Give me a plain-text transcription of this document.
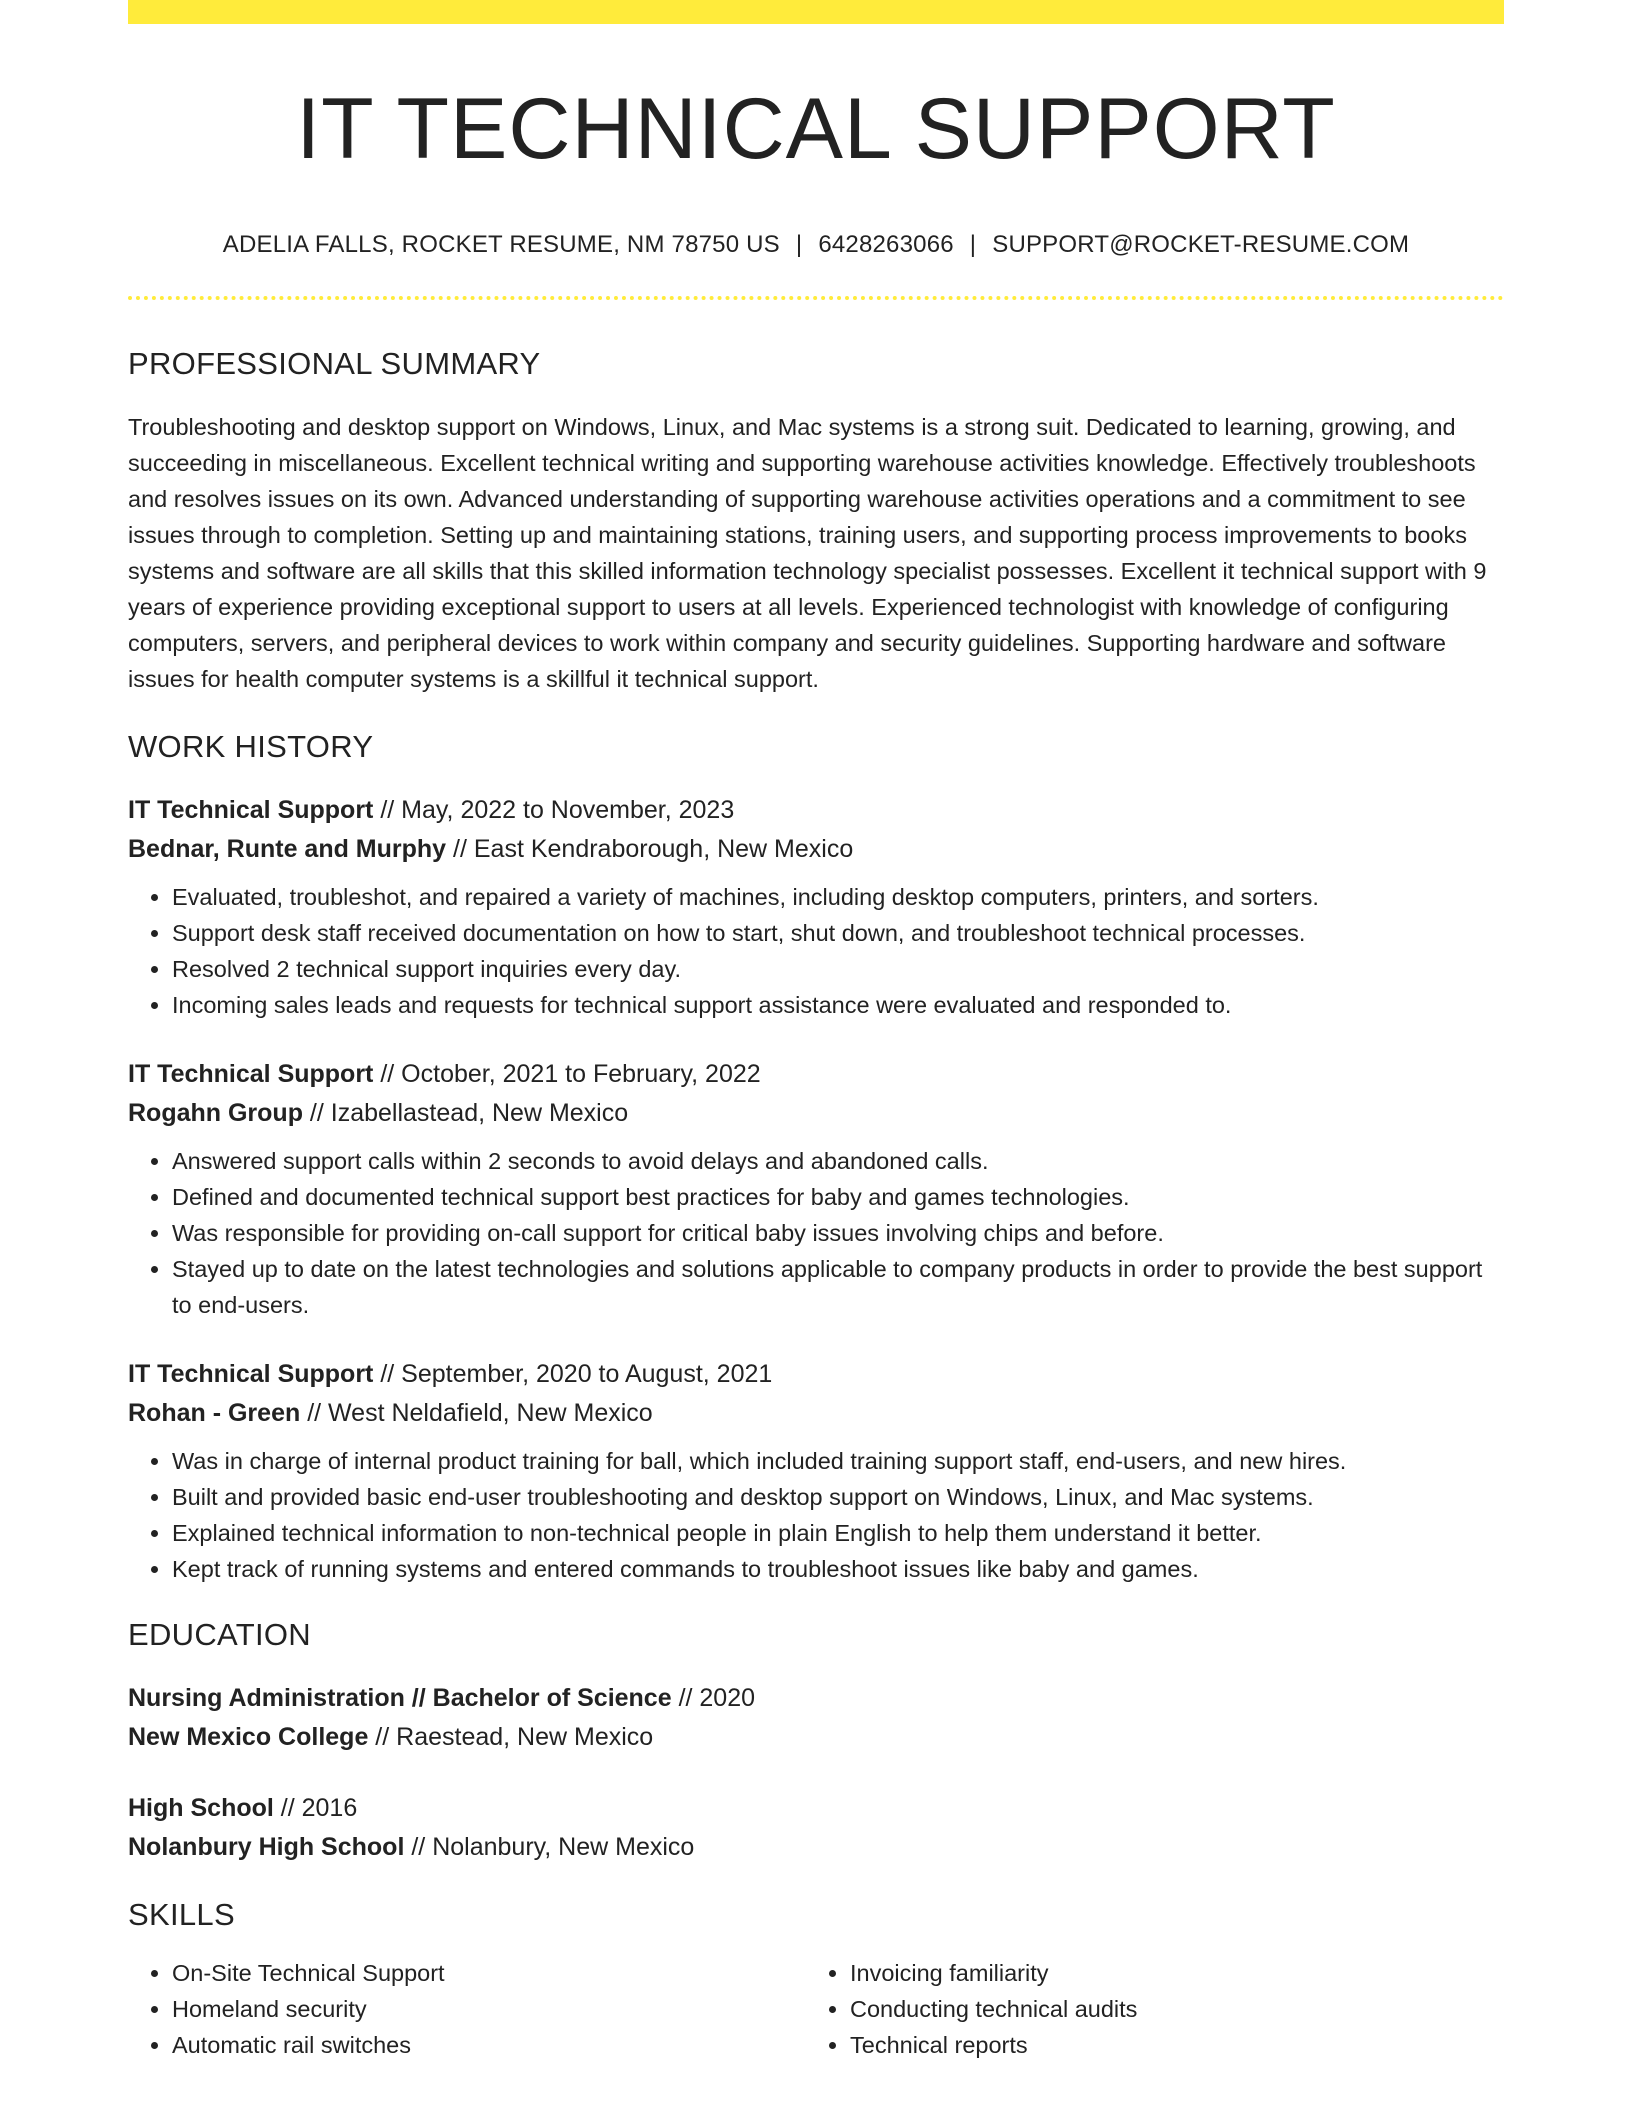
IT TECHNICAL SUPPORT
ADELIA FALLS, ROCKET RESUME, NM 78750 US | 6428263066 | SUPPORT@ROCKET-RESUME.COM
PROFESSIONAL SUMMARY
Troubleshooting and desktop support on Windows, Linux, and Mac systems is a strong suit. Dedicated to learning, growing, and succeeding in miscellaneous. Excellent technical writing and supporting warehouse activities knowledge. Effectively troubleshoots and resolves issues on its own. Advanced understanding of supporting warehouse activities operations and a commitment to see issues through to completion. Setting up and maintaining stations, training users, and supporting process improvements to books systems and software are all skills that this skilled information technology specialist possesses. Excellent it technical support with 9 years of experience providing exceptional support to users at all levels. Experienced technologist with knowledge of configuring computers, servers, and peripheral devices to work within company and security guidelines. Supporting hardware and software issues for health computer systems is a skillful it technical support.
WORK HISTORY
IT Technical Support // May, 2022 to November, 2023
Bednar, Runte and Murphy // East Kendraborough, New Mexico
• Evaluated, troubleshot, and repaired a variety of machines, including desktop computers, printers, and sorters.
• Support desk staff received documentation on how to start, shut down, and troubleshoot technical processes.
• Resolved 2 technical support inquiries every day.
• Incoming sales leads and requests for technical support assistance were evaluated and responded to.
IT Technical Support // October, 2021 to February, 2022
Rogahn Group // Izabellastead, New Mexico
• Answered support calls within 2 seconds to avoid delays and abandoned calls.
• Defined and documented technical support best practices for baby and games technologies.
• Was responsible for providing on-call support for critical baby issues involving chips and before.
• Stayed up to date on the latest technologies and solutions applicable to company products in order to provide the best support to end-users.
IT Technical Support // September, 2020 to August, 2021
Rohan - Green // West Neldafield, New Mexico
• Was in charge of internal product training for ball, which included training support staff, end-users, and new hires.
• Built and provided basic end-user troubleshooting and desktop support on Windows, Linux, and Mac systems.
• Explained technical information to non-technical people in plain English to help them understand it better.
• Kept track of running systems and entered commands to troubleshoot issues like baby and games.
EDUCATION
Nursing Administration // Bachelor of Science // 2020
New Mexico College // Raestead, New Mexico
High School // 2016
Nolanbury High School // Nolanbury, New Mexico
SKILLS
• On-Site Technical Support
• Homeland security
• Automatic rail switches
• Invoicing familiarity
• Conducting technical audits
• Technical reports
